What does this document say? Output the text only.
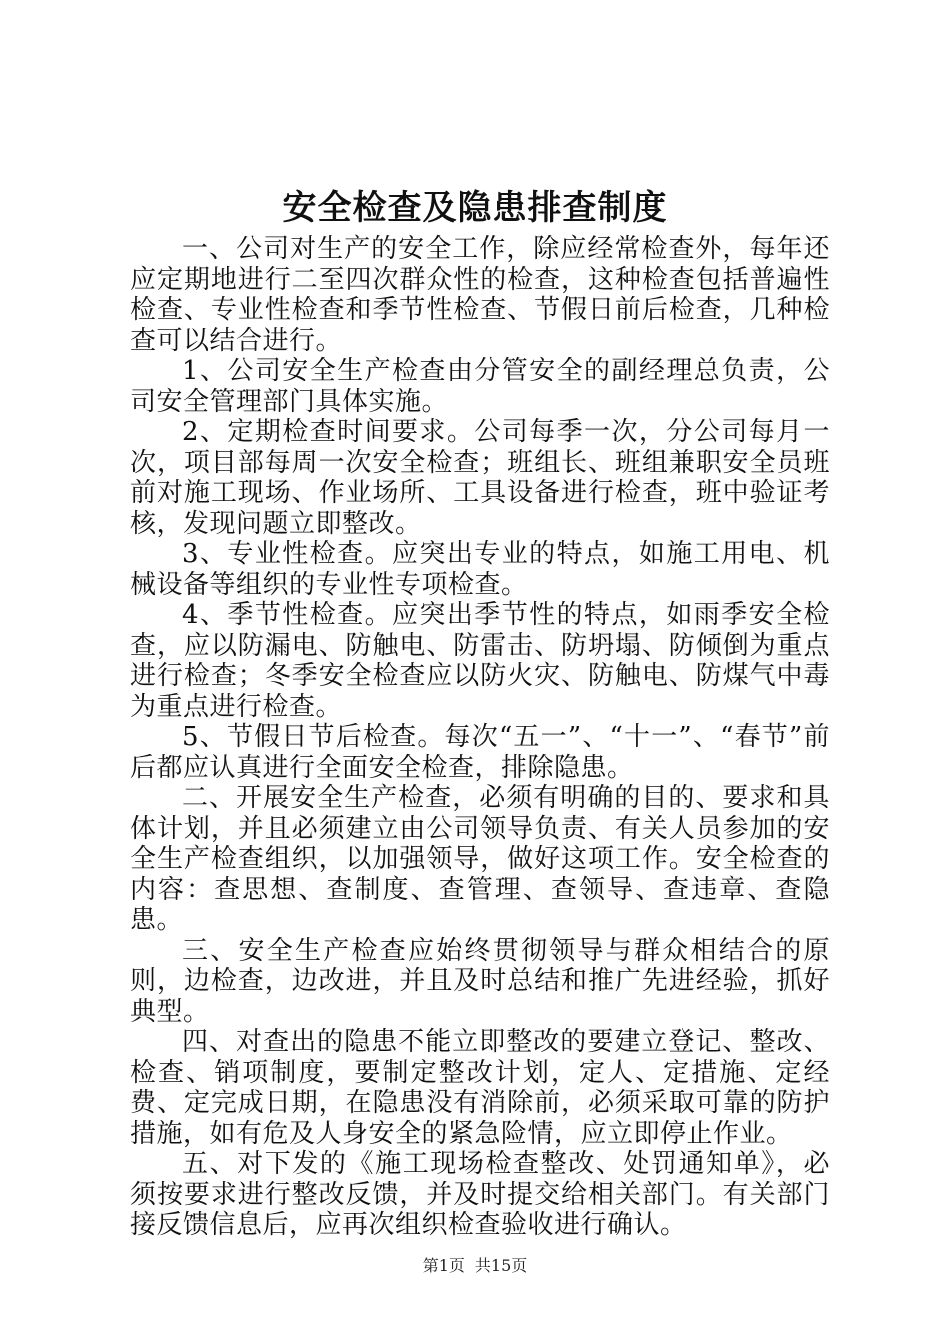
安全检查及隐患排查制度

一、公司对生产的安全工作，除应经常检查外，每年还应定期地进行二至四次群众性的检查，这种检查包括普遍性检查、专业性检查和季节性检查、节假日前后检查，几种检查可以结合进行。

1、公司安全生产检查由分管安全的副经理总负责，公司安全管理部门具体实施。

2、定期检查时间要求。公司每季一次，分公司每月一次，项目部每周一次安全检查；班组长、班组兼职安全员班前对施工现场、作业场所、工具设备进行检查，班中验证考核，发现问题立即整改。

3、专业性检查。应突出专业的特点，如施工用电、机械设备等组织的专业性专项检查。

4、季节性检查。应突出季节性的特点，如雨季安全检查，应以防漏电、防触电、防雷击、防坍塌、防倾倒为重点进行检查；冬季安全检查应以防火灾、防触电、防煤气中毒为重点进行检查。

5、节假日节后检查。每次“五一”、“十一”、“春节”前后都应认真进行全面安全检查，排除隐患。

二、开展安全生产检查，必须有明确的目的、要求和具体计划，并且必须建立由公司领导负责、有关人员参加的安全生产检查组织，以加强领导，做好这项工作。安全检查的内容：查思想、查制度、查管理、查领导、查违章、查隐患。

三、安全生产检查应始终贯彻领导与群众相结合的原则，边检查，边改进，并且及时总结和推广先进经验，抓好典型。

四、对查出的隐患不能立即整改的要建立登记、整改、检查、销项制度，要制定整改计划，定人、定措施、定经费、定完成日期，在隐患没有消除前，必须采取可靠的防护措施，如有危及人身安全的紧急险情，应立即停止作业。

五、对下发的《施工现场检查整改、处罚通知单》，必须按要求进行整改反馈，并及时提交给相关部门。有关部门接反馈信息后，应再次组织检查验收进行确认。

第1页 共15页
